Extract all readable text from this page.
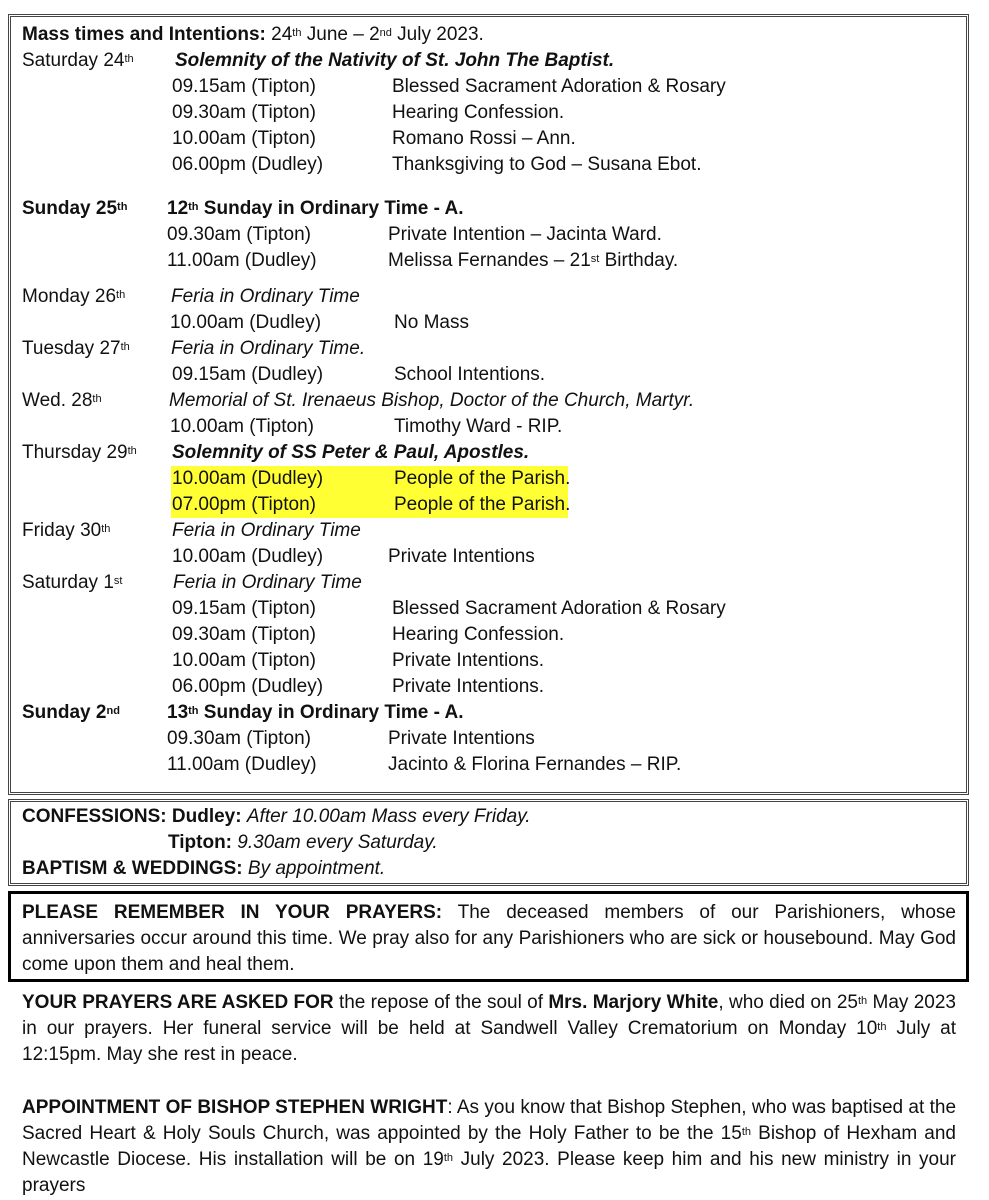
Mass times and Intentions: 24th June – 2nd July 2023.
Saturday 24th Solemnity of the Nativity of St. John The Baptist.
09.15am (Tipton)	Blessed Sacrament Adoration & Rosary
09.30am (Tipton)	Hearing Confession.
10.00am (Tipton)	Romano Rossi – Ann.
06.00pm (Dudley)	Thanksgiving to God – Susana Ebot.
Sunday 25th 12th Sunday in Ordinary Time - A.
09.30am (Tipton)	Private Intention – Jacinta Ward.
11.00am (Dudley)	Melissa Fernandes – 21st Birthday.
Monday 26th Feria in Ordinary Time
10.00am (Dudley)	No Mass
Tuesday 27th Feria in Ordinary Time.
09.15am (Dudley)	School Intentions.
Wed. 28th	Memorial of St. Irenaeus Bishop, Doctor of the Church, Martyr.
10.00am (Tipton)	Timothy Ward - RIP.
Thursday 29th Solemnity of SS Peter & Paul, Apostles.
10.00am (Dudley)	People of the Parish.
07.00pm (Tipton)	People of the Parish.
Friday 30th	Feria in Ordinary Time
10.00am (Dudley)	Private Intentions
Saturday 1st	Feria in Ordinary Time
09.15am (Tipton)	Blessed Sacrament Adoration & Rosary
09.30am (Tipton)	Hearing Confession.
10.00am (Tipton)	Private Intentions.
06.00pm (Dudley)	Private Intentions.
Sunday 2nd 13th Sunday in Ordinary Time - A.
09.30am (Tipton)	Private Intentions
11.00am (Dudley)	Jacinto & Florina Fernandes – RIP.
CONFESSIONS: Dudley: After 10.00am Mass every Friday.
Tipton: 9.30am every Saturday.
BAPTISM & WEDDINGS: By appointment.
PLEASE REMEMBER IN YOUR PRAYERS: The deceased members of our Parishioners, whose anniversaries occur around this time. We pray also for any Parishioners who are sick or housebound. May God come upon them and heal them.
YOUR PRAYERS ARE ASKED FOR the repose of the soul of Mrs. Marjory White, who died on 25th May 2023 in our prayers. Her funeral service will be held at Sandwell Valley Crematorium on Monday 10th July at 12:15pm. May she rest in peace.
APPOINTMENT OF BISHOP STEPHEN WRIGHT: As you know that Bishop Stephen, who was baptised at the Sacred Heart & Holy Souls Church, was appointed by the Holy Father to be the 15th Bishop of Hexham and Newcastle Diocese. His installation will be on 19th July 2023. Please keep him and his new ministry in your prayers
